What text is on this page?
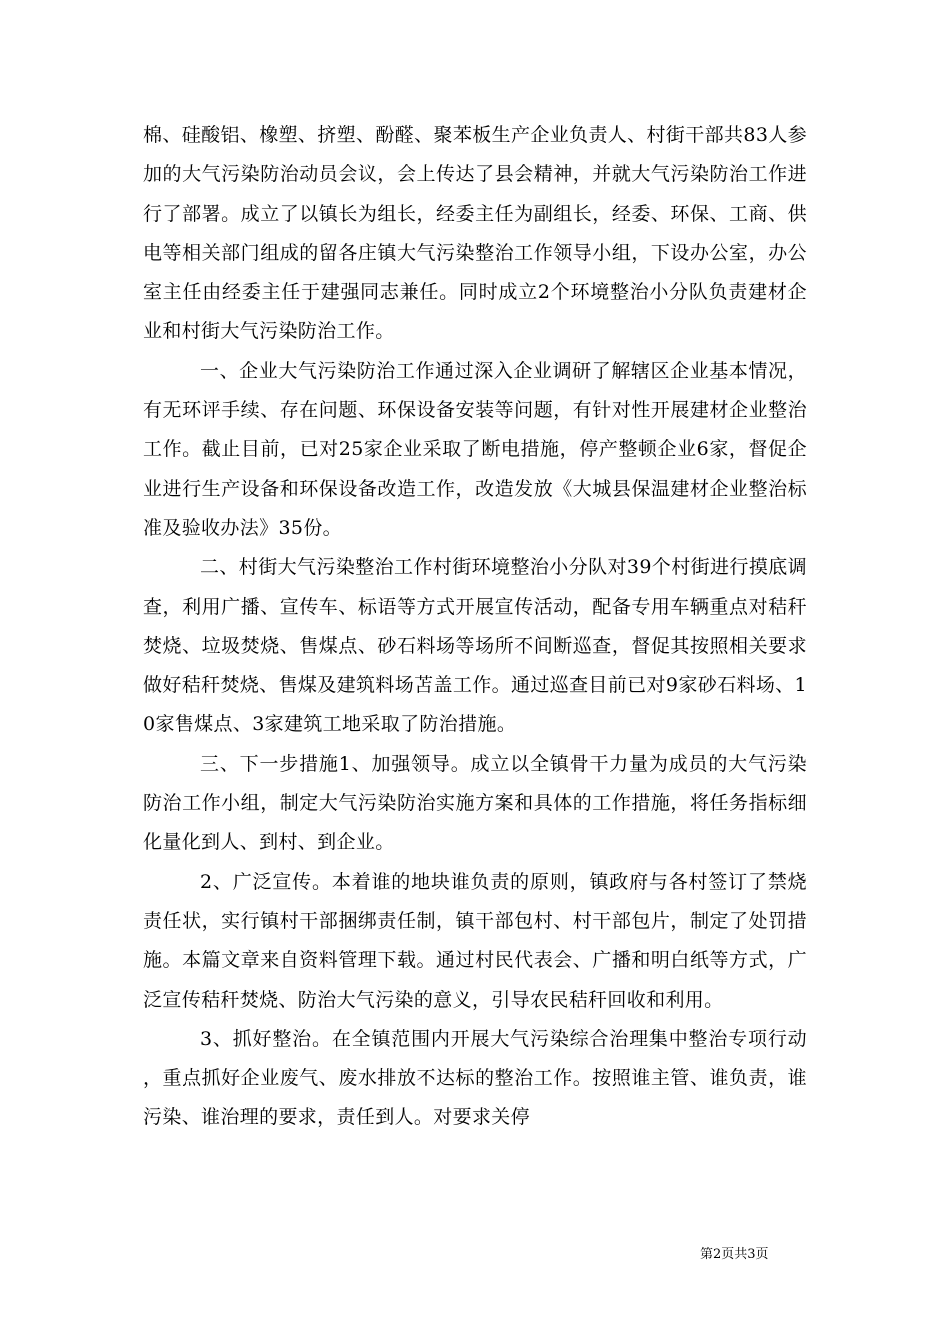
棉、硅酸铝、橡塑、挤塑、酚醛、聚苯板生产企业负责人、村街干部共83人参加的大气污染防治动员会议，会上传达了县会精神，并就大气污染防治工作进行了部署。成立了以镇长为组长，经委主任为副组长，经委、环保、工商、供电等相关部门组成的留各庄镇大气污染整治工作领导小组，下设办公室，办公室主任由经委主任于建强同志兼任。同时成立2个环境整治小分队负责建材企业和村街大气污染防治工作。

一、企业大气污染防治工作通过深入企业调研了解辖区企业基本情况，有无环评手续、存在问题、环保设备安装等问题，有针对性开展建材企业整治工作。截止目前，已对25家企业采取了断电措施，停产整顿企业6家，督促企业进行生产设备和环保设备改造工作，改造发放《大城县保温建材企业整治标准及验收办法》35份。

二、村街大气污染整治工作村街环境整治小分队对39个村街进行摸底调查，利用广播、宣传车、标语等方式开展宣传活动，配备专用车辆重点对秸秆焚烧、垃圾焚烧、售煤点、砂石料场等场所不间断巡查，督促其按照相关要求做好秸秆焚烧、售煤及建筑料场苫盖工作。通过巡查目前已对9家砂石料场、10家售煤点、3家建筑工地采取了防治措施。

三、下一步措施1、加强领导。成立以全镇骨干力量为成员的大气污染防治工作小组，制定大气污染防治实施方案和具体的工作措施，将任务指标细化量化到人、到村、到企业。

2、广泛宣传。本着谁的地块谁负责的原则，镇政府与各村签订了禁烧责任状，实行镇村干部捆绑责任制，镇干部包村、村干部包片，制定了处罚措施。本篇文章来自资料管理下载。通过村民代表会、广播和明白纸等方式，广泛宣传秸秆焚烧、防治大气污染的意义，引导农民秸秆回收和利用。

3、抓好整治。在全镇范围内开展大气污染综合治理集中整治专项行动，重点抓好企业废气、废水排放不达标的整治工作。按照谁主管、谁负责，谁污染、谁治理的要求，责任到人。对要求关停

第2页共3页
